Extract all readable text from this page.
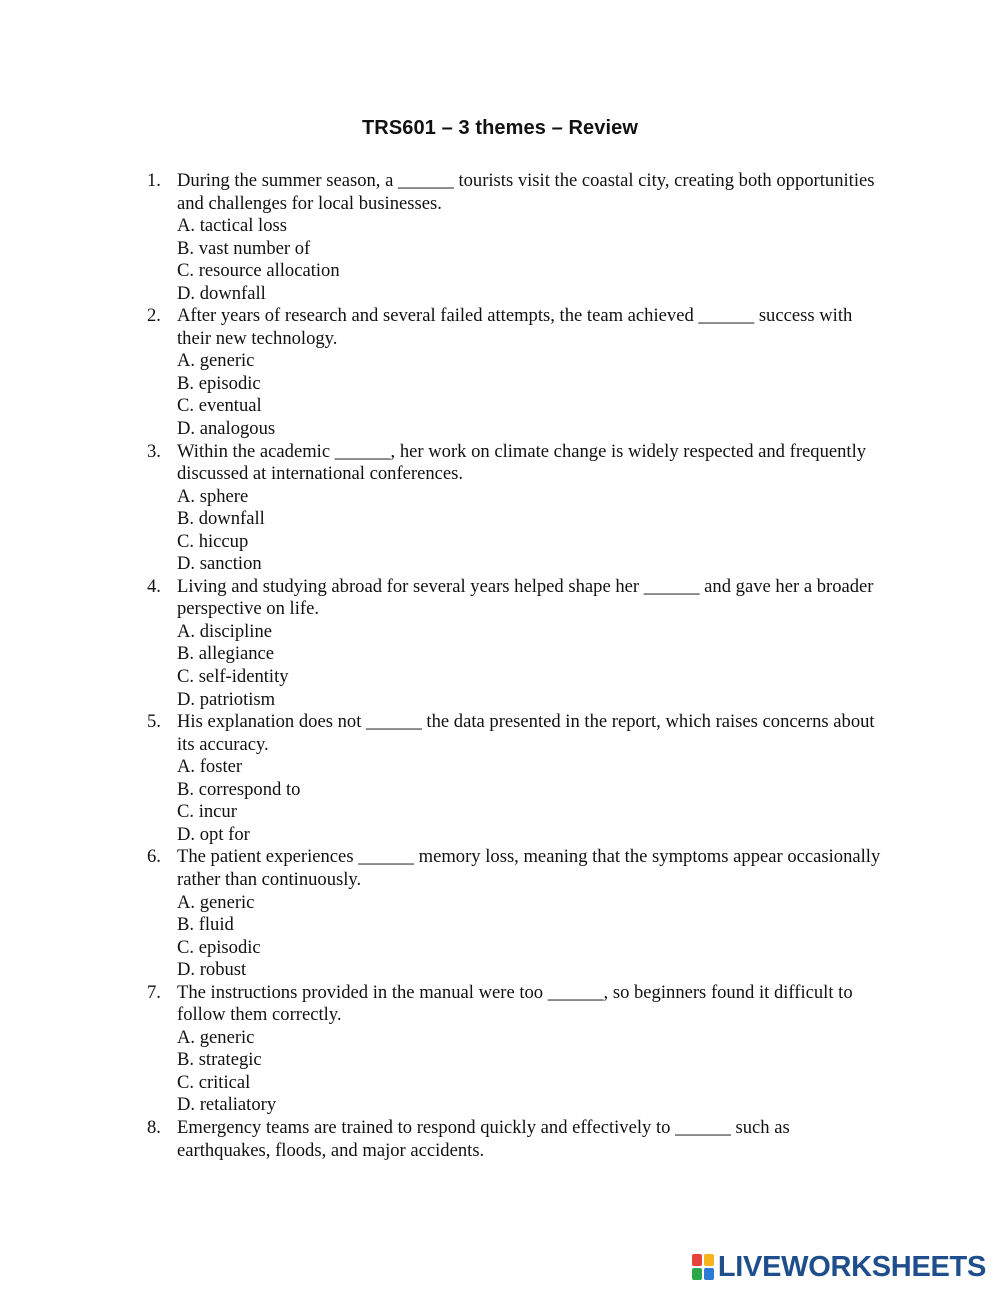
TRS601 – 3 themes – Review
1. During the summer season, a ______ tourists visit the coastal city, creating both opportunities and challenges for local businesses.
A. tactical loss
B. vast number of
C. resource allocation
D. downfall
2. After years of research and several failed attempts, the team achieved ______ success with their new technology.
A. generic
B. episodic
C. eventual
D. analogous
3. Within the academic ______, her work on climate change is widely respected and frequently discussed at international conferences.
A. sphere
B. downfall
C. hiccup
D. sanction
4. Living and studying abroad for several years helped shape her ______ and gave her a broader perspective on life.
A. discipline
B. allegiance
C. self-identity
D. patriotism
5. His explanation does not ______ the data presented in the report, which raises concerns about its accuracy.
A. foster
B. correspond to
C. incur
D. opt for
6. The patient experiences ______ memory loss, meaning that the symptoms appear occasionally rather than continuously.
A. generic
B. fluid
C. episodic
D. robust
7. The instructions provided in the manual were too ______, so beginners found it difficult to follow them correctly.
A. generic
B. strategic
C. critical
D. retaliatory
8. Emergency teams are trained to respond quickly and effectively to ______ such as earthquakes, floods, and major accidents.
LIVEWORKSHEETS
